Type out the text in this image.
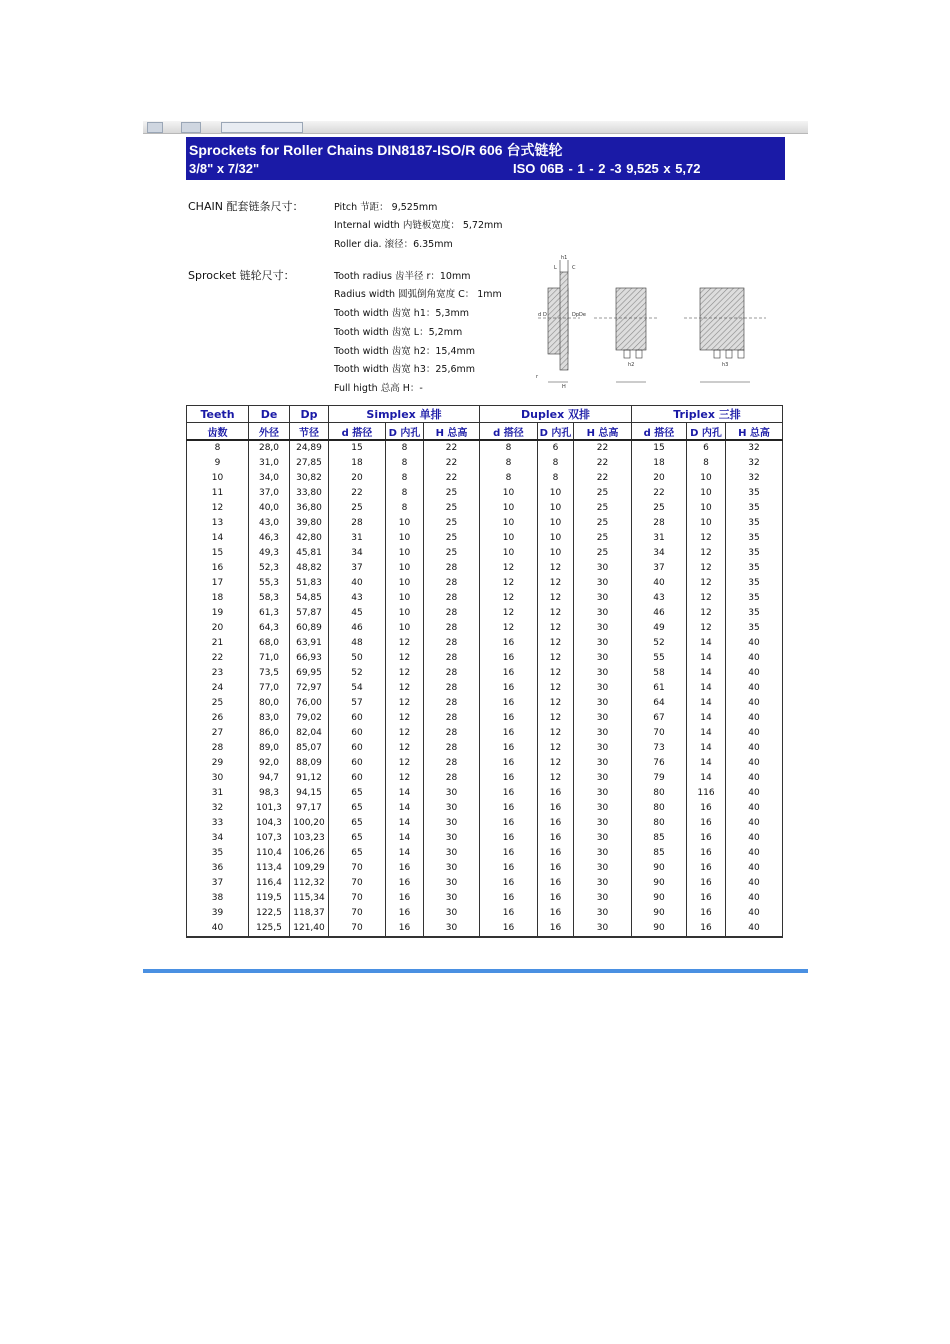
Sprockets for Roller Chains DIN8187-ISO/R 606 台式链轮
3/8" x 7/32"	ISO 06B - 1 - 2 -3 9,525 x 5,72
CHAIN 配套链条尺寸：	Pitch 节距： 9,525mm
Internal width 内链板宽度： 5,72mm
Roller dia. 滚径：6.35mm
Sprocket 链轮尺寸：	Tooth radius 齿半径 r：10mm
Radius width 圆弧倒角宽度 C： 1mm
Tooth width 齿宽 h1：5,3mm
Tooth width 齿宽 L：5,2mm
Tooth width 齿宽 h2：15,4mm
Tooth width 齿宽 h3：25,6mm
Full higth 总高 H：-
d D	Dp De
H
h1
h2	h3
L
r
C
Teeth	De	Dp	Simplex 单排			Duplex 双排			Triplex 三排		
齿数	外径	节径	d 搭径	D 内孔	H 总高	d 搭径	D 内孔	H 总高	d 搭径	D 内孔	H 总高
8	28,0	24,89	15	8	22	8	6	22	15	6	32
9	31,0	27,85	18	8	22	8	8	22	18	8	32
10	34,0	30,82	20	8	22	8	8	22	20	10	32
11	37,0	33,80	22	8	25	10	10	25	22	10	35
12	40,0	36,80	25	8	25	10	10	25	25	10	35
13	43,0	39,80	28	10	25	10	10	25	28	10	35
14	46,3	42,80	31	10	25	10	10	25	31	12	35
15	49,3	45,81	34	10	25	10	10	25	34	12	35
16	52,3	48,82	37	10	28	12	12	30	37	12	35
17	55,3	51,83	40	10	28	12	12	30	40	12	35
18	58,3	54,85	43	10	28	12	12	30	43	12	35
19	61,3	57,87	45	10	28	12	12	30	46	12	35
20	64,3	60,89	46	10	28	12	12	30	49	12	35
21	68,0	63,91	48	12	28	16	12	30	52	14	40
22	71,0	66,93	50	12	28	16	12	30	55	14	40
23	73,5	69,95	52	12	28	16	12	30	58	14	40
24	77,0	72,97	54	12	28	16	12	30	61	14	40
25	80,0	76,00	57	12	28	16	12	30	64	14	40
26	83,0	79,02	60	12	28	16	12	30	67	14	40
27	86,0	82,04	60	12	28	16	12	30	70	14	40
28	89,0	85,07	60	12	28	16	12	30	73	14	40
29	92,0	88,09	60	12	28	16	12	30	76	14	40
30	94,7	91,12	60	12	28	16	12	30	79	14	40
31	98,3	94,15	65	14	30	16	16	30	80	116	40
32	101,3	97,17	65	14	30	16	16	30	80	16	40
33	104,3	100,20	65	14	30	16	16	30	80	16	40
34	107,3	103,23	65	14	30	16	16	30	85	16	40
35	110,4	106,26	65	14	30	16	16	30	85	16	40
36	113,4	109,29	70	16	30	16	16	30	90	16	40
37	116,4	112,32	70	16	30	16	16	30	90	16	40
38	119,5	115,34	70	16	30	16	16	30	90	16	40
39	122,5	118,37	70	16	30	16	16	30	90	16	40
40	125,5	121,40	70	16	30	16	16	30	90	16	40
